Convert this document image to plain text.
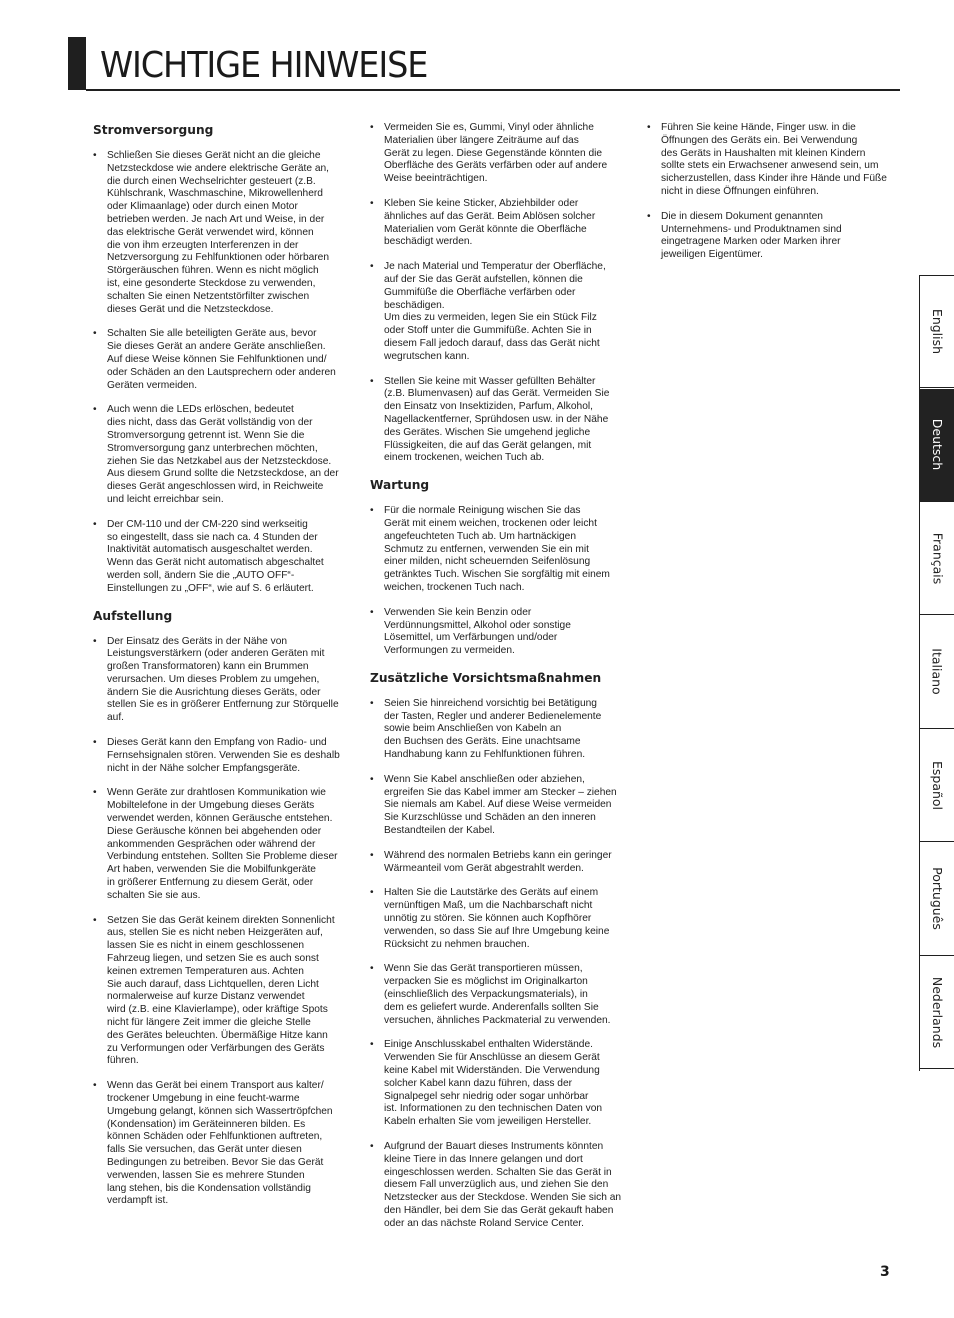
WICHTIGE HINWEISE
Stromversorgung
• Schließen Sie dieses Gerät nicht an die gleiche
Netzsteckdose wie andere elektrische Geräte an,
die durch einen Wechselrichter gesteuert (z.B.
Kühlschrank, Waschmaschine, Mikrowellenherd
oder Klimaanlage) oder durch einen Motor
betrieben werden. Je nach Art und Weise, in der
das elektrische Gerät verwendet wird, können
die von ihm erzeugten Interferenzen in der
Netzversorgung zu Fehlfunktionen oder hörbaren
Störgeräuschen führen. Wenn es nicht möglich
ist, eine gesonderte Steckdose zu verwenden,
schalten Sie einen Netzentstörfilter zwischen
dieses Gerät und die Netzsteckdose.
• Schalten Sie alle beteiligten Geräte aus, bevor
Sie dieses Gerät an andere Geräte anschließen.
Auf diese Weise können Sie Fehlfunktionen und/
oder Schäden an den Lautsprechern oder anderen
Geräten vermeiden.
• Auch wenn die LEDs erlöschen, bedeutet
dies nicht, dass das Gerät vollständig von der
Stromversorgung getrennt ist. Wenn Sie die
Stromversorgung ganz unterbrechen möchten,
ziehen Sie das Netzkabel aus der Netzsteckdose.
Aus diesem Grund sollte die Netzsteckdose, an der
dieses Gerät angeschlossen wird, in Reichweite
und leicht erreichbar sein.
• Der CM-110 und der CM-220 sind werkseitig
so eingestellt, dass sie nach ca. 4 Stunden der
Inaktivität automatisch ausgeschaltet werden.
Wenn das Gerät nicht automatisch abgeschaltet
werden soll, ändern Sie die „AUTO OFF“-
Einstellungen zu „OFF“, wie auf S. 6 erläutert.
Aufstellung
• Der Einsatz des Geräts in der Nähe von
Leistungsverstärkern (oder anderen Geräten mit
großen Transformatoren) kann ein Brummen
verursachen. Um dieses Problem zu umgehen,
ändern Sie die Ausrichtung dieses Geräts, oder
stellen Sie es in größerer Entfernung zur Störquelle
auf.
• Dieses Gerät kann den Empfang von Radio- und
Fernsehsignalen stören. Verwenden Sie es deshalb
nicht in der Nähe solcher Empfangsgeräte.
• Wenn Geräte zur drahtlosen Kommunikation wie
Mobiltelefone in der Umgebung dieses Geräts
verwendet werden, können Geräusche entstehen.
Diese Geräusche können bei abgehenden oder
ankommenden Gesprächen oder während der
Verbindung entstehen. Sollten Sie Probleme dieser
Art haben, verwenden Sie die Mobilfunkgeräte
in größerer Entfernung zu diesem Gerät, oder
schalten Sie sie aus.
• Setzen Sie das Gerät keinem direkten Sonnenlicht
aus, stellen Sie es nicht neben Heizgeräten auf,
lassen Sie es nicht in einem geschlossenen
Fahrzeug liegen, und setzen Sie es auch sonst
keinen extremen Temperaturen aus. Achten
Sie auch darauf, dass Lichtquellen, deren Licht
normalerweise auf kurze Distanz verwendet
wird (z.B. eine Klavierlampe), oder kräftige Spots
nicht für längere Zeit immer die gleiche Stelle
des Gerätes beleuchten. Übermäßige Hitze kann
zu Verformungen oder Verfärbungen des Geräts
führen.
• Wenn das Gerät bei einem Transport aus kalter/
trockener Umgebung in eine feucht-warme
Umgebung gelangt, können sich Wassertröpfchen
(Kondensation) im Geräteinneren bilden. Es
können Schäden oder Fehlfunktionen auftreten,
falls Sie versuchen, das Gerät unter diesen
Bedingungen zu betreiben. Bevor Sie das Gerät
verwenden, lassen Sie es mehrere Stunden
lang stehen, bis die Kondensation vollständig
verdampft ist.
• Vermeiden Sie es, Gummi, Vinyl oder ähnliche
Materialien über längere Zeiträume auf das
Gerät zu legen. Diese Gegenstände könnten die
Oberfläche des Geräts verfärben oder auf andere
Weise beeinträchtigen.
• Kleben Sie keine Sticker, Abziehbilder oder
ähnliches auf das Gerät. Beim Ablösen solcher
Materialien vom Gerät könnte die Oberfläche
beschädigt werden.
• Je nach Material und Temperatur der Oberfläche,
auf der Sie das Gerät aufstellen, können die
Gummifüße die Oberfläche verfärben oder
beschädigen.
Um dies zu vermeiden, legen Sie ein Stück Filz
oder Stoff unter die Gummifüße. Achten Sie in
diesem Fall jedoch darauf, dass das Gerät nicht
wegrutschen kann.
• Stellen Sie keine mit Wasser gefüllten Behälter
(z.B. Blumenvasen) auf das Gerät. Vermeiden Sie
den Einsatz von Insektiziden, Parfum, Alkohol,
Nagellackentferner, Sprühdosen usw. in der Nähe
des Gerätes. Wischen Sie umgehend jegliche
Flüssigkeiten, die auf das Gerät gelangen, mit
einem trockenen, weichen Tuch ab.
Wartung
• Für die normale Reinigung wischen Sie das
Gerät mit einem weichen, trockenen oder leicht
angefeuchteten Tuch ab. Um hartnäckigen
Schmutz zu entfernen, verwenden Sie ein mit
einer milden, nicht scheuernden Seifenlösung
getränktes Tuch. Wischen Sie sorgfältig mit einem
weichen, trockenen Tuch nach.
• Verwenden Sie kein Benzin oder
Verdünnungsmittel, Alkohol oder sonstige
Lösemittel, um Verfärbungen und/oder
Verformungen zu vermeiden.
Zusätzliche Vorsichtsmaßnahmen
• Seien Sie hinreichend vorsichtig bei Betätigung
der Tasten, Regler und anderer Bedienelemente
sowie beim Anschließen von Kabeln an
den Buchsen des Geräts. Eine unachtsame
Handhabung kann zu Fehlfunktionen führen.
• Wenn Sie Kabel anschließen oder abziehen,
ergreifen Sie das Kabel immer am Stecker – ziehen
Sie niemals am Kabel. Auf diese Weise vermeiden
Sie Kurzschlüsse und Schäden an den inneren
Bestandteilen der Kabel.
• Während des normalen Betriebs kann ein geringer
Wärmeanteil vom Gerät abgestrahlt werden.
• Halten Sie die Lautstärke des Geräts auf einem
vernünftigen Maß, um die Nachbarschaft nicht
unnötig zu stören. Sie können auch Kopfhörer
verwenden, so dass Sie auf Ihre Umgebung keine
Rücksicht zu nehmen brauchen.
• Wenn Sie das Gerät transportieren müssen,
verpacken Sie es möglichst im Originalkarton
(einschließlich des Verpackungsmaterials), in
dem es geliefert wurde. Anderenfalls sollten Sie
versuchen, ähnliches Packmaterial zu verwenden.
• Einige Anschlusskabel enthalten Widerstände.
Verwenden Sie für Anschlüsse an diesem Gerät
keine Kabel mit Widerständen. Die Verwendung
solcher Kabel kann dazu führen, dass der
Signalpegel sehr niedrig oder sogar unhörbar
ist. Informationen zu den technischen Daten von
Kabeln erhalten Sie vom jeweiligen Hersteller.
• Aufgrund der Bauart dieses Instruments könnten
kleine Tiere in das Innere gelangen und dort
eingeschlossen werden. Schalten Sie das Gerät in
diesem Fall unverzüglich aus, und ziehen Sie den
Netzstecker aus der Steckdose. Wenden Sie sich an
den Händler, bei dem Sie das Gerät gekauft haben
oder an das nächste Roland Service Center.
• Führen Sie keine Hände, Finger usw. in die
Öffnungen des Geräts ein. Bei Verwendung
des Geräts in Haushalten mit kleinen Kindern
sollte stets ein Erwachsener anwesend sein, um
sicherzustellen, dass Kinder ihre Hände und Füße
nicht in diese Öffnungen einführen.
• Die in diesem Dokument genannten
Unternehmens- und Produktnamen sind
eingetragene Marken oder Marken ihrer
jeweiligen Eigentümer.
English
Deutsch
Français
Italiano
Español
Português
Nederlands
3
